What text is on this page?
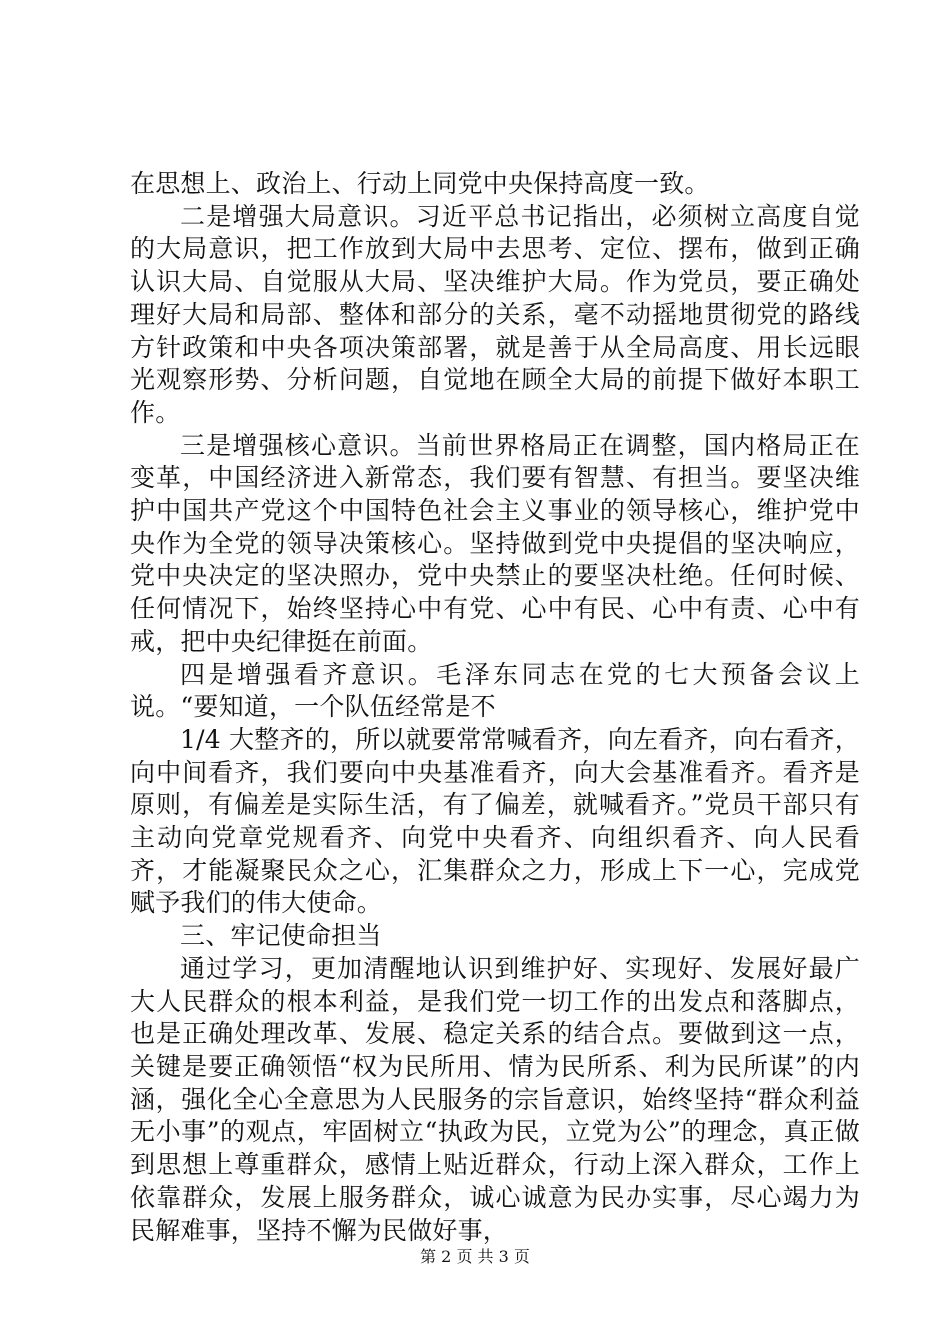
在思想上、政治上、行动上同党中央保持高度一致。

二是增强大局意识。习近平总书记指出，必须树立高度自觉的大局意识，把工作放到大局中去思考、定位、摆布，做到正确认识大局、自觉服从大局、坚决维护大局。作为党员，要正确处理好大局和局部、整体和部分的关系，毫不动摇地贯彻党的路线方针政策和中央各项决策部署，就是善于从全局高度、用长远眼光观察形势、分析问题，自觉地在顾全大局的前提下做好本职工作。

三是增强核心意识。当前世界格局正在调整，国内格局正在变革，中国经济进入新常态，我们要有智慧、有担当。要坚决维护中国共产党这个中国特色社会主义事业的领导核心，维护党中央作为全党的领导决策核心。坚持做到党中央提倡的坚决响应，党中央决定的坚决照办，党中央禁止的要坚决杜绝。任何时候、任何情况下，始终坚持心中有党、心中有民、心中有责、心中有戒，把中央纪律挺在前面。

四是增强看齐意识。毛泽东同志在党的七大预备会议上说。“要知道，一个队伍经常是不

1/4 大整齐的，所以就要常常喊看齐，向左看齐，向右看齐，向中间看齐，我们要向中央基准看齐，向大会基准看齐。看齐是原则，有偏差是实际生活，有了偏差，就喊看齐。”党员干部只有主动向党章党规看齐、向党中央看齐、向组织看齐、向人民看齐，才能凝聚民众之心，汇集群众之力，形成上下一心，完成党赋予我们的伟大使命。

三、牢记使命担当

通过学习，更加清醒地认识到维护好、实现好、发展好最广大人民群众的根本利益，是我们党一切工作的出发点和落脚点，也是正确处理改革、发展、稳定关系的结合点。要做到这一点，关键是要正确领悟“权为民所用、情为民所系、利为民所谋”的内涵，强化全心全意思为人民服务的宗旨意识，始终坚持“群众利益无小事”的观点，牢固树立“执政为民，立党为公”的理念，真正做到思想上尊重群众，感情上贴近群众，行动上深入群众，工作上依靠群众，发展上服务群众，诚心诚意为民办实事，尽心竭力为民解难事，坚持不懈为民做好事，

第 2 页 共 3 页
